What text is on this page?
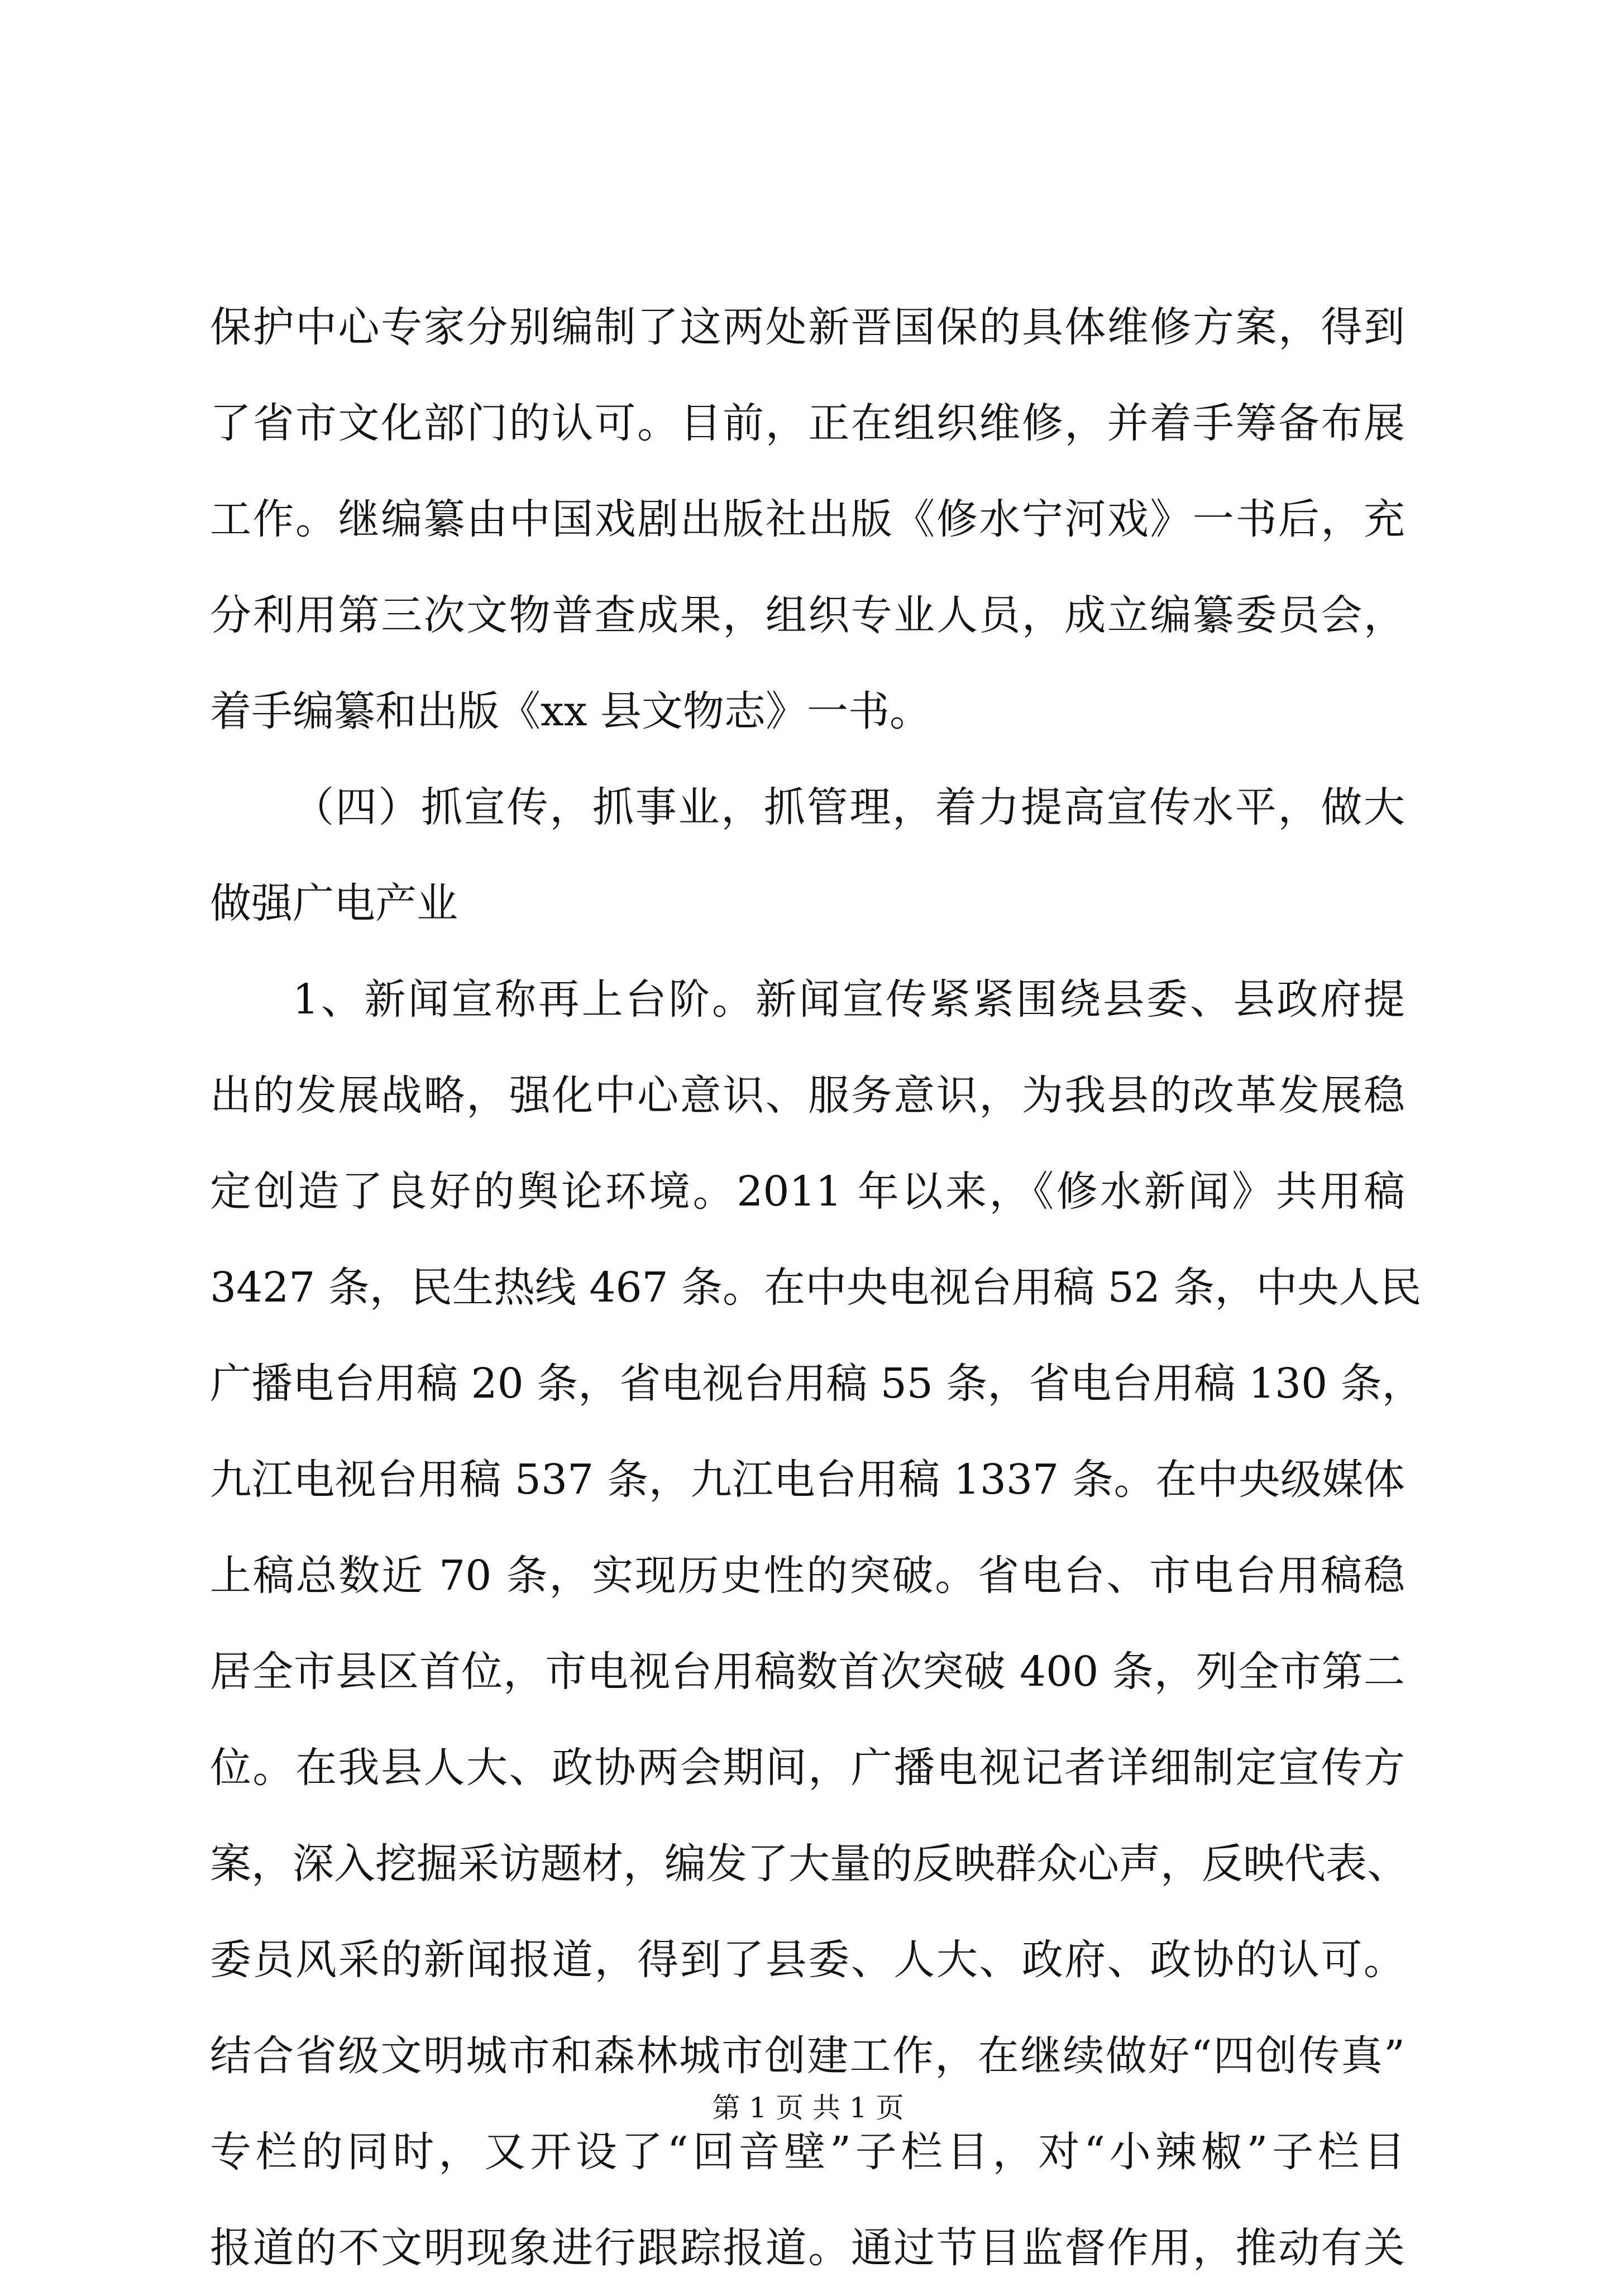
保护中心专家分别编制了这两处新晋国保的具体维修方案，得到
了省市文化部门的认可。目前，正在组织维修，并着手筹备布展
工作。继编纂由中国戏剧出版社出版《修水宁河戏》一书后，充
分利用第三次文物普查成果，组织专业人员，成立编纂委员会，
着手编纂和出版《xx 县文物志》一书。
（四）抓宣传，抓事业，抓管理，着力提高宣传水平，做大
做强广电产业
1、新闻宣称再上台阶。新闻宣传紧紧围绕县委、县政府提
出的发展战略，强化中心意识、服务意识，为我县的改革发展稳
定创造了良好的舆论环境。2011 年以来，《修水新闻》共用稿
3427 条，民生热线 467 条。在中央电视台用稿 52 条，中央人民
广播电台用稿 20 条，省电视台用稿 55 条，省电台用稿 130 条，
九江电视台用稿 537 条，九江电台用稿 1337 条。在中央级媒体
上稿总数近 70 条，实现历史性的突破。省电台、市电台用稿稳
居全市县区首位，市电视台用稿数首次突破 400 条，列全市第二
位。在我县人大、政协两会期间，广播电视记者详细制定宣传方
案，深入挖掘采访题材，编发了大量的反映群众心声，反映代表、
委员风采的新闻报道，得到了县委、人大、政府、政协的认可。
结合省级文明城市和森林城市创建工作，在继续做好“四创传真”
专栏的同时，又开设了“回音壁”子栏目，对“小辣椒”子栏目
报道的不文明现象进行跟踪报道。通过节目监督作用，推动有关
第 1 页 共 1 页
